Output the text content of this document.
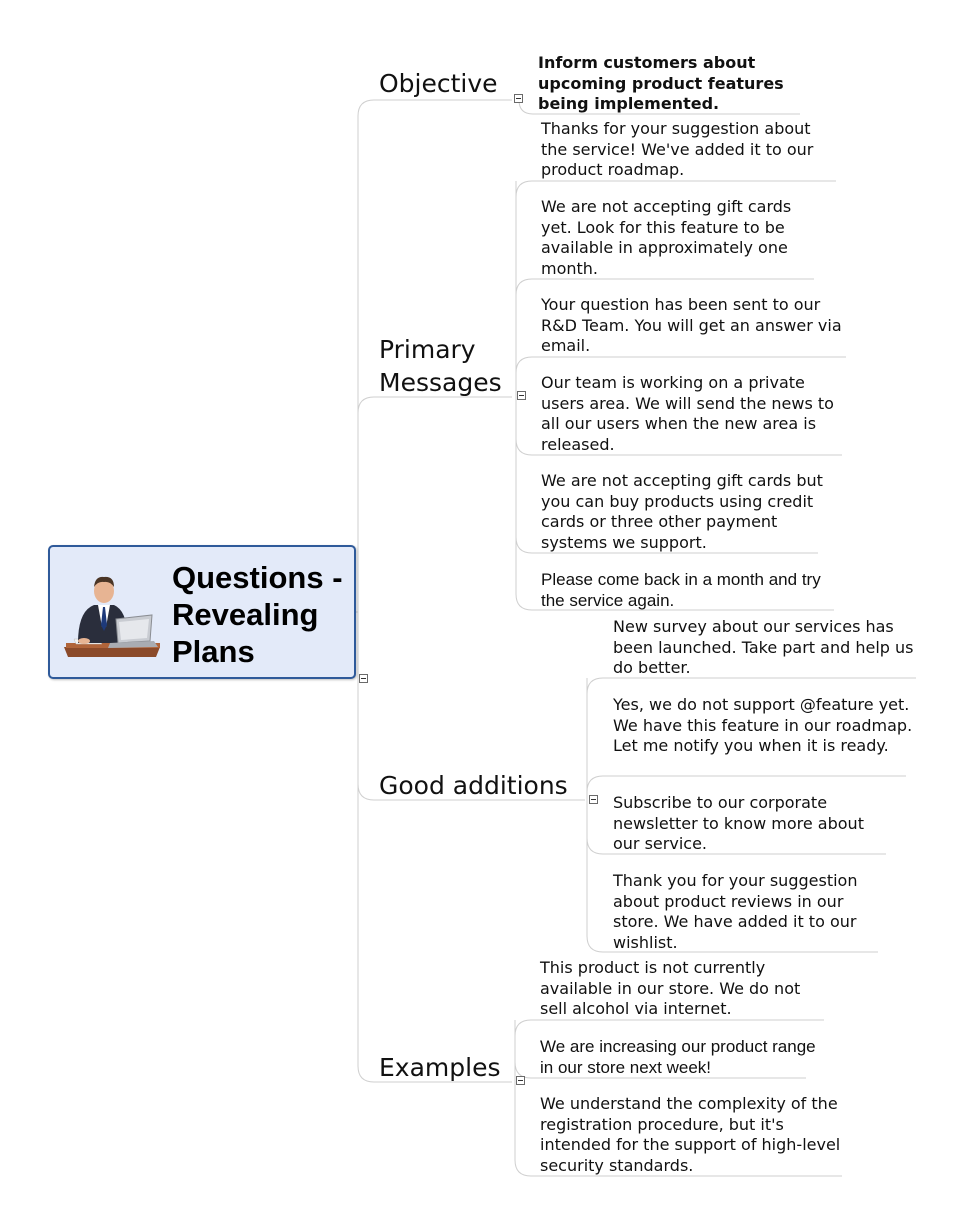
Questions -
Revealing
Plans
Objective
Inform customers about upcoming product features being implemented.
Primary
Messages
Thanks for your suggestion about the service! We've added it to our product roadmap.
We are not accepting gift cards yet. Look for this feature to be available in approximately one month.
Your question has been sent to our R&D Team. You will get an answer via email.
Our team is working on a private users area. We will send the news to all our users when the new area is released.
We are not accepting gift cards but you can buy products using credit cards or three other payment systems we support.
Please come back in a month and try the service again.
Good additions
New survey about our services has been launched. Take part and help us do better.
Yes, we do not support @feature yet. We have this feature in our roadmap. Let me notify you when it is ready.
Subscribe to our corporate newsletter to know more about our service.
Thank you for your suggestion about product reviews in our store. We have added it to our wishlist.
Examples
This product is not currently available in our store. We do not sell alcohol via internet.
We are increasing our product range in our store next week!
We understand the complexity of the registration procedure, but it's intended for the support of high-level security standards.
